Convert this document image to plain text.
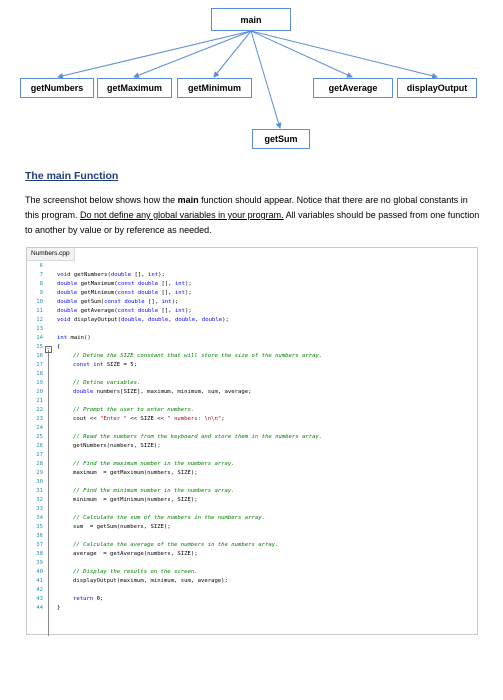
main
getNumbers	getMaximum	getMinimum	getAverage	displayOutput
getSum
The main Function
The screenshot below shows how the main function should appear. Notice that there are no global constants in this program. Do not define any global variables in your program. All variables should be passed from one function to another by value or by reference as needed.
Numbers.cpp
−
void getNumbers(double [], int);
double getMaximum(const double [], int);
double getMinimum(const double [], int);
double getSum(const double [], int);
double getAverage(const double [], int);
void displayOutput(double, double, double, double);
int main()
{
// Define the SIZE constant that will store the size of the numbers array.
const int SIZE = 5;
// Define variables.
double numbers[SIZE], maximum, minimum, sum, average;
// Prompt the user to enter numbers.
cout << "Enter " << SIZE << " numbers: \n\n";
// Read the numbers from the keyboard and store them in the numbers array.
getNumbers(numbers, SIZE);
// Find the maximum number in the numbers array.
maximum  = getMaximum(numbers, SIZE);
// Find the minimum number in the numbers array.
minimum  = getMinimum(numbers, SIZE);
// Calculate the sum of the numbers in the numbers array.
sum  = getSum(numbers, SIZE);
// Calculate the average of the numbers in the numbers array.
average  = getAverage(numbers, SIZE);
// Display the results on the screen.
displayOutput(maximum, minimum, sum, average);
return 0;
}
6
7
8
9
10
11
12
13
14
15
16
17
18
19
20
21
22
23
24
25
26
27
28
29
30
31
32
33
34
35
36
37
38
39
40
41
42
43
44
